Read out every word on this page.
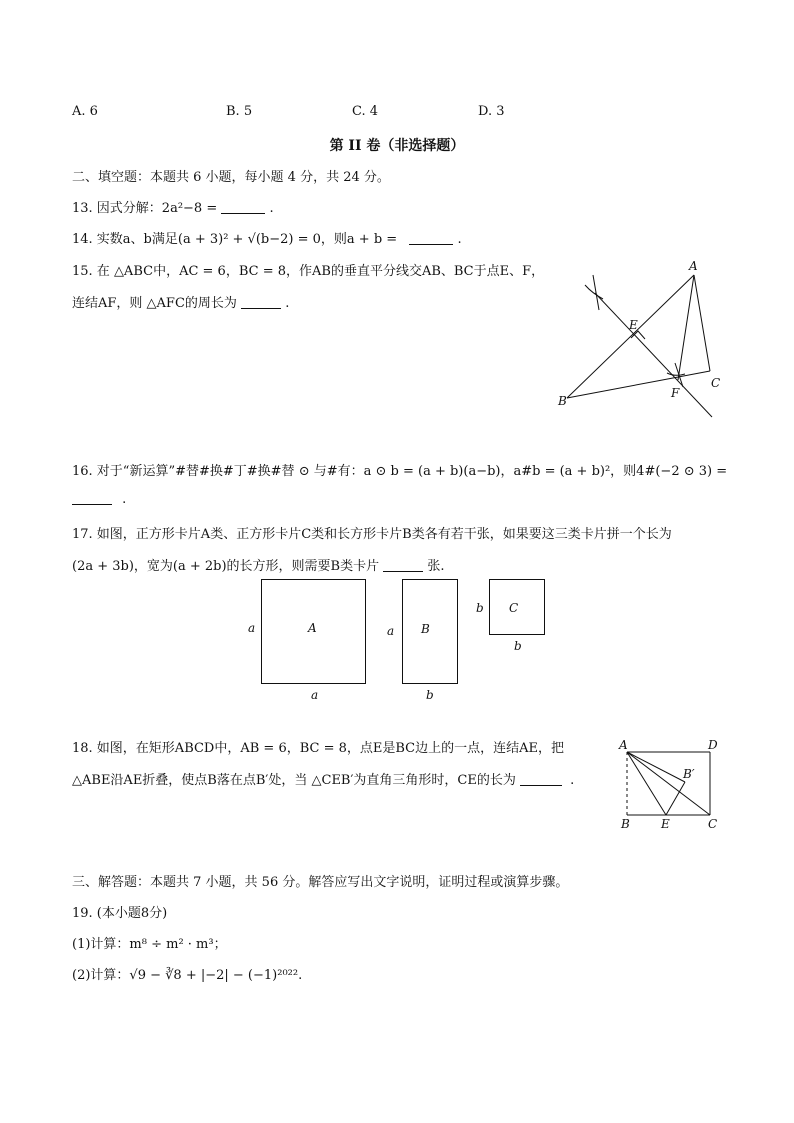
A. 6	B. 5	C. 4	D. 3
第 II 卷（非选择题）
二、填空题：本题共 6 小题，每小题 4 分，共 24 分。
13. 因式分解：2a²−8 =	.
14. 实数a、b满足(a + 3)² + √(b−2) = 0，则a + b =	.
15. 在 △ABC中，AC = 6，BC = 8，作AB的垂直平分线交AB、BC于点E、F，
连结AF，则 △AFC的周长为	.
A
B
C
E
F
16. 对于“新运算”#替#换#丁#换#替 ⊙ 与#有：a ⊙ b = (a + b)(a−b)，a#b = (a + b)²，则4#(−2 ⊙ 3) =
.
17. 如图，正方形卡片A类、正方形卡片C类和长方形卡片B类各有若干张，如果要这三类卡片拼一个长为
(2a + 3b)，宽为(a + 2b)的长方形，则需要B类卡片	张.
A	B
C
a
a
a
b
b
b
18. 如图，在矩形ABCD中，AB = 6，BC = 8，点E是BC边上的一点，连结AE，把
△ABE沿AE折叠，使点B落在点B′处，当 △CEB′为直角三角形时，CE的长为	.
A	D
B	E	C
B′
三、解答题：本题共 7 小题，共 56 分。解答应写出文字说明，证明过程或演算步骤。
19. (本小题8分)
(1)计算：m⁸ ÷ m² · m³；
(2)计算：√9 − ∛8 + |−2| − (−1)²⁰²².
